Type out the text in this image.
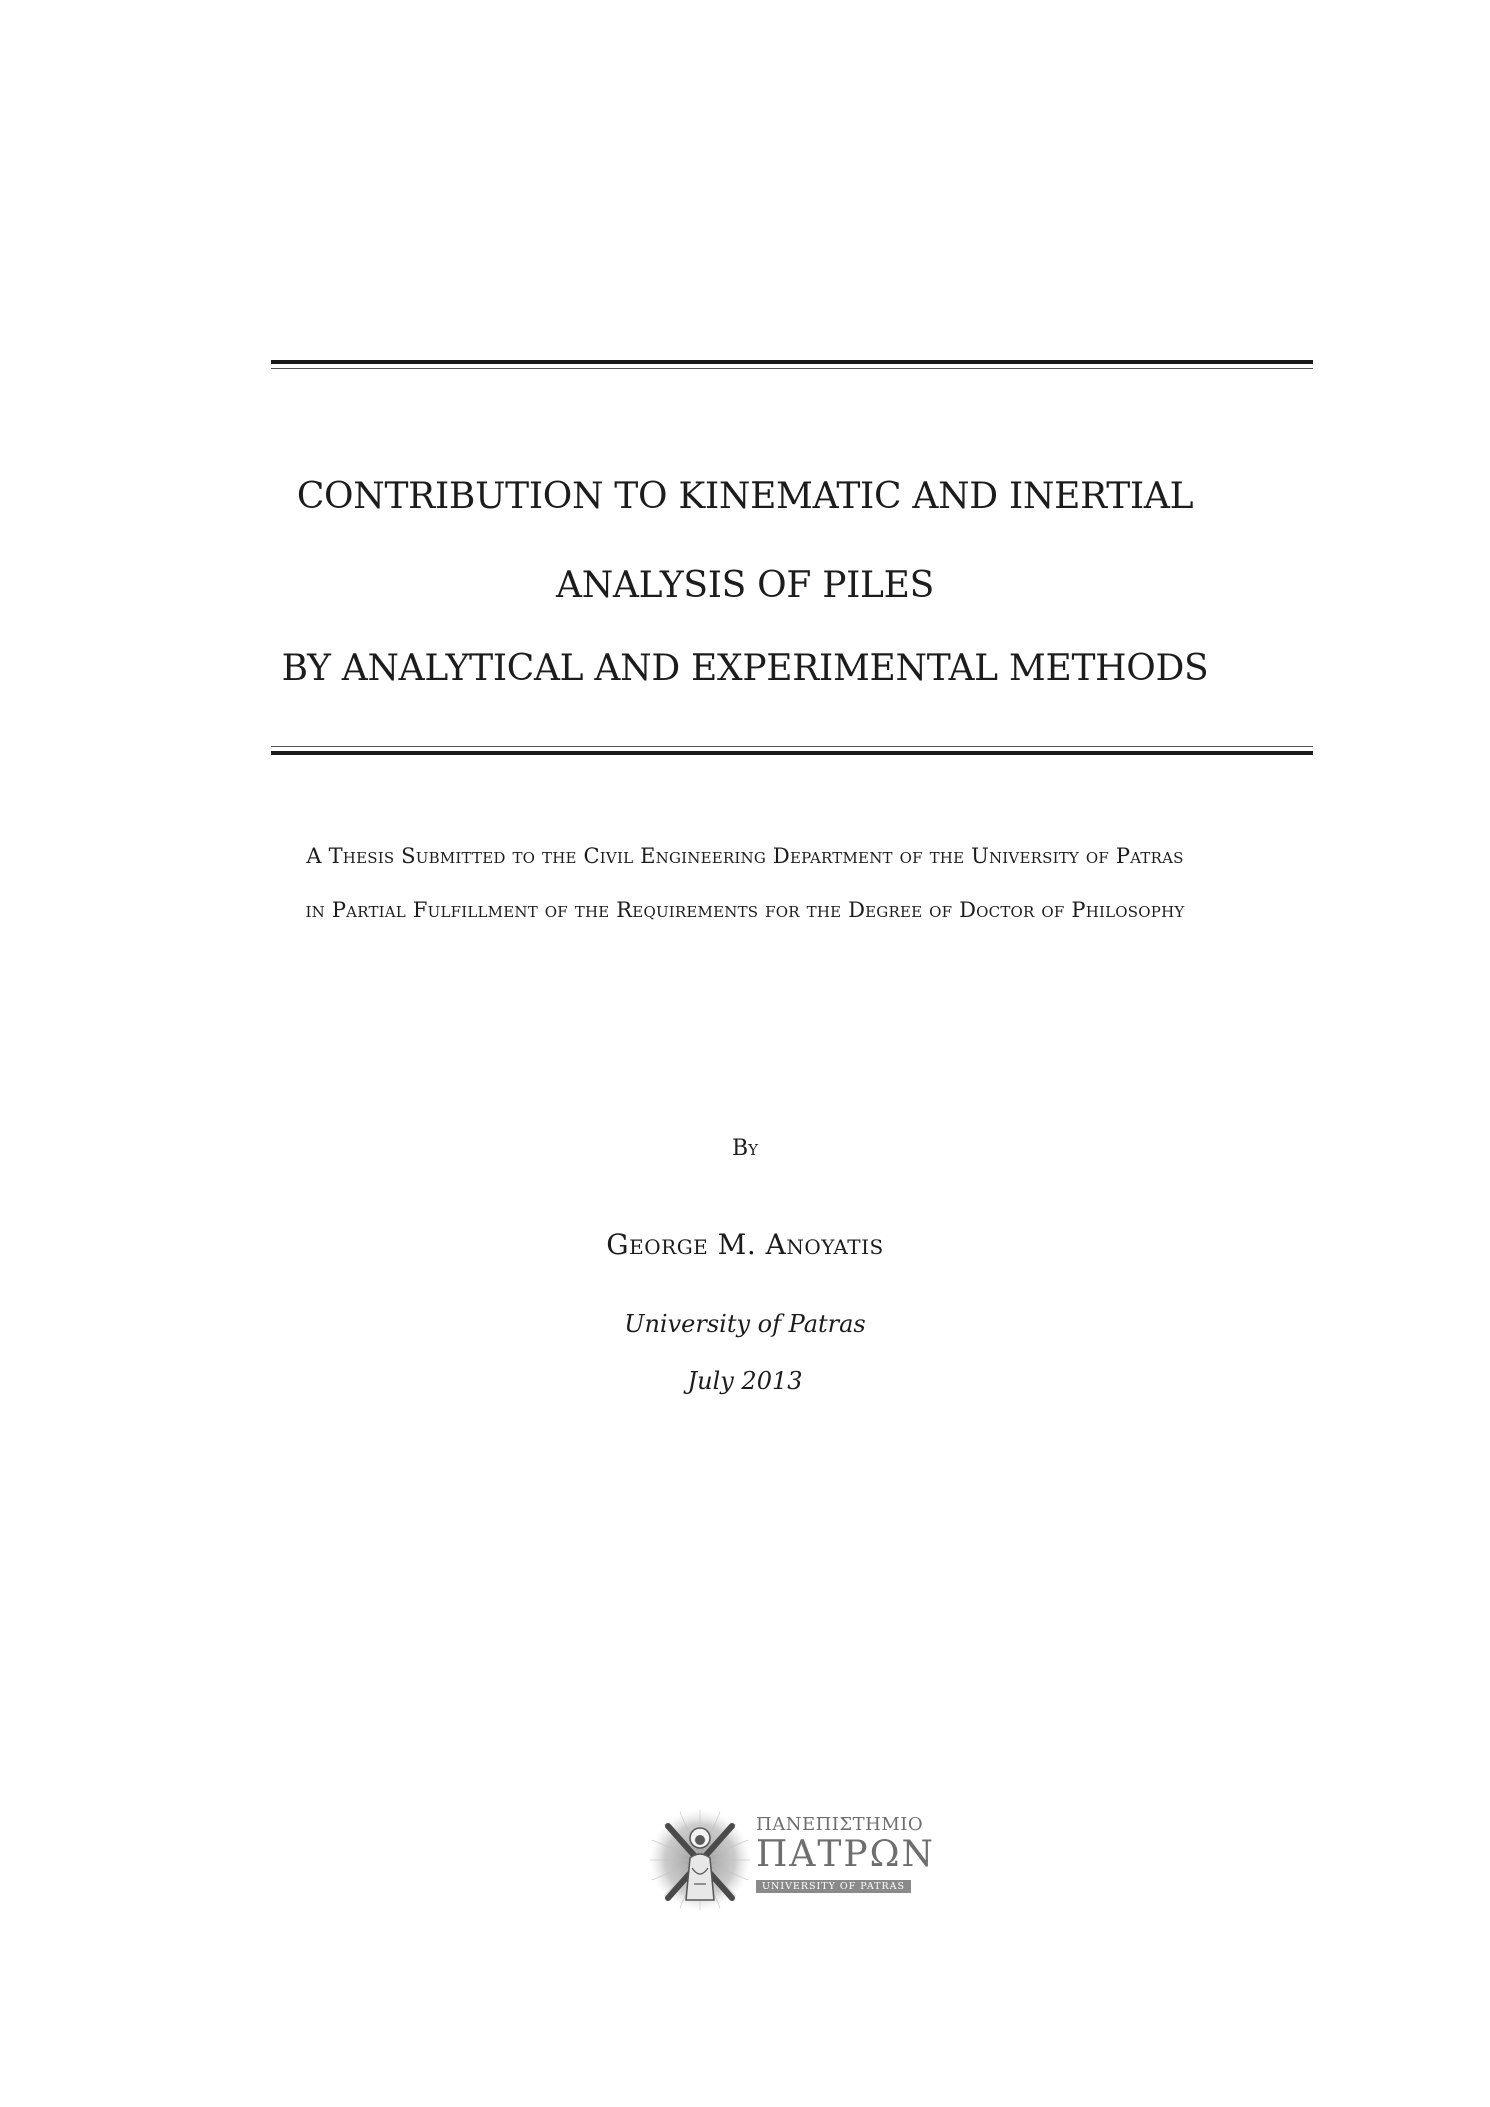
CONTRIBUTION TO KINEMATIC AND INERTIAL
ANALYSIS OF PILES
BY ANALYTICAL AND EXPERIMENTAL METHODS
A Thesis Submitted to the Civil Engineering Department of the University of Patras
in Partial Fulfillment of the Requirements for the Degree of Doctor of Philosophy
By
George M. Anoyatis
University of Patras
July 2013
ΠΑΝΕΠΙΣΤΗΜΙΟ
ΠΑΤΡΩΝ
UNIVERSITY OF PATRAS
